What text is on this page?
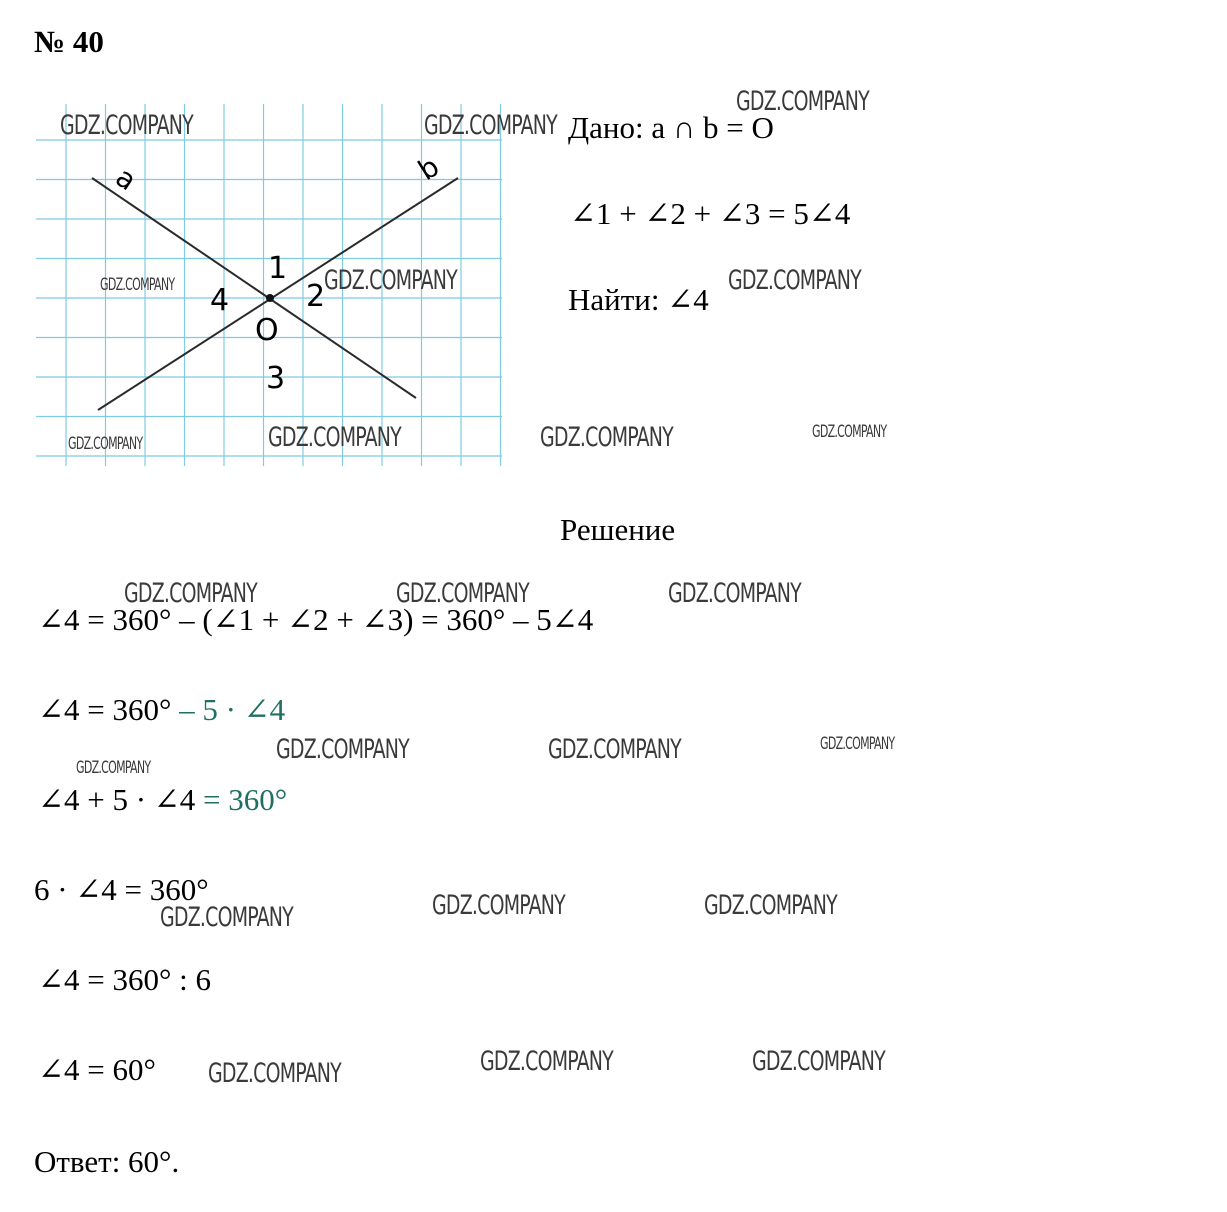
№ 40
a	b
1
2
3
4
O
Дано: a ∩ b = O
∠1 + ∠2 + ∠3 = 5∠4
Найти: ∠4
Решение
∠4 = 360° – (∠1 + ∠2 + ∠3) = 360° – 5∠4
∠4 = 360° – 5 · ∠4
∠4 + 5 · ∠4 = 360°
6 · ∠4 = 360°
∠4 = 360° : 6
∠4 = 60°
Ответ: 60°.
GDZ.COMPANY	GDZ.COMPANY
GDZ.COMPANY
GDZ.COMPANY	GDZ.COMPANY	GDZ.COMPANY
GDZ.COMPANY	GDZ.COMPANY	GDZ.COMPANY	GDZ.COMPANY
GDZ.COMPANY	GDZ.COMPANY	GDZ.COMPANY
GDZ.COMPANY	GDZ.COMPANY	GDZ.COMPANY
GDZ.COMPANY
GDZ.COMPANY	GDZ.COMPANY	GDZ.COMPANY
GDZ.COMPANY	GDZ.COMPANY	GDZ.COMPANY
